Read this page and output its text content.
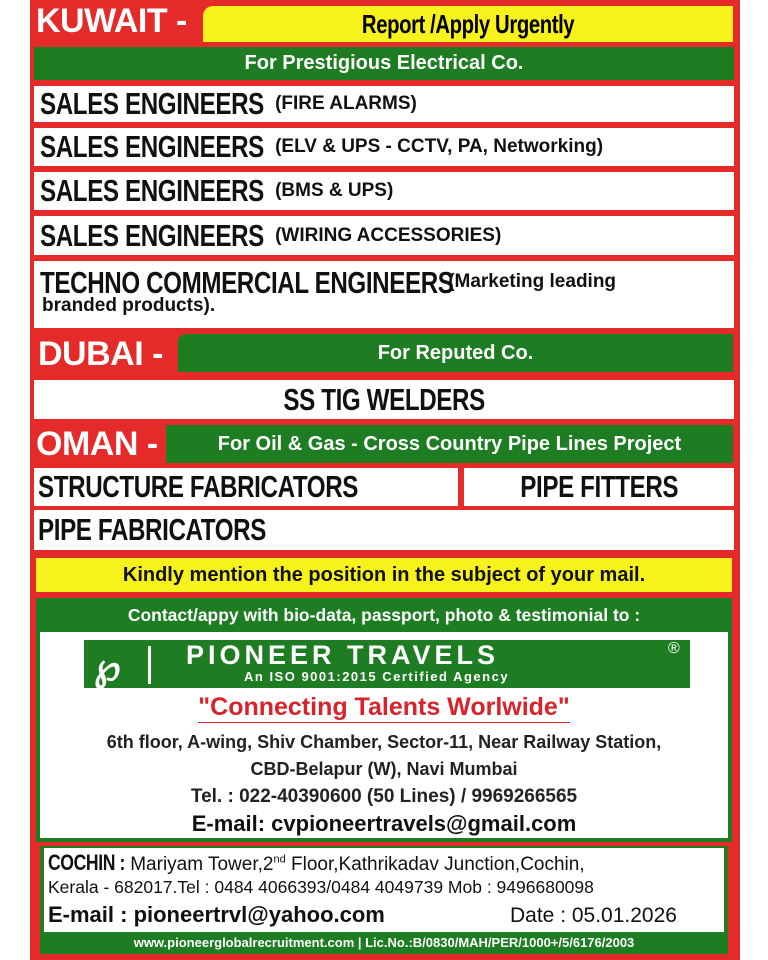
KUWAIT -	Report /Apply Urgently
For Prestigious Electrical Co.
SALES ENGINEERS (FIRE ALARMS)
SALES ENGINEERS (ELV & UPS - CCTV, PA, Networking)
SALES ENGINEERS (BMS & UPS)
SALES ENGINEERS (WIRING ACCESSORIES)
TECHNO COMMERCIAL ENGINEERS(Marketing leading
branded products).
DUBAI -	For Reputed Co.
SS TIG WELDERS
OMAN -	For Oil & Gas - Cross Country Pipe Lines Project
STRUCTURE FABRICATORS	PIPE FITTERS
PIPE FABRICATORS
Kindly mention the position in the subject of your mail.
Contact/appy with bio-data, passport, photo & testimonial to :
℘ PIONEER TRAVELS	®
An ISO 9001:2015 Certified Agency
"Connecting Talents Worlwide"
6th floor, A-wing, Shiv Chamber, Sector-11, Near Railway Station,
CBD-Belapur (W), Navi Mumbai
Tel. : 022-40390600 (50 Lines) / 9969266565
E-mail: cvpioneertravels@gmail.com
COCHIN : Mariyam Tower,2nd Floor,Kathrikadav Junction,Cochin,
Kerala - 682017.Tel : 0484 4066393/0484 4049739 Mob : 9496680098
E-mail : pioneertrvl@yahoo.com	Date : 05.01.2026
www.pioneerglobalrecruitment.com | Lic.No.:B/0830/MAH/PER/1000+/5/6176/2003
